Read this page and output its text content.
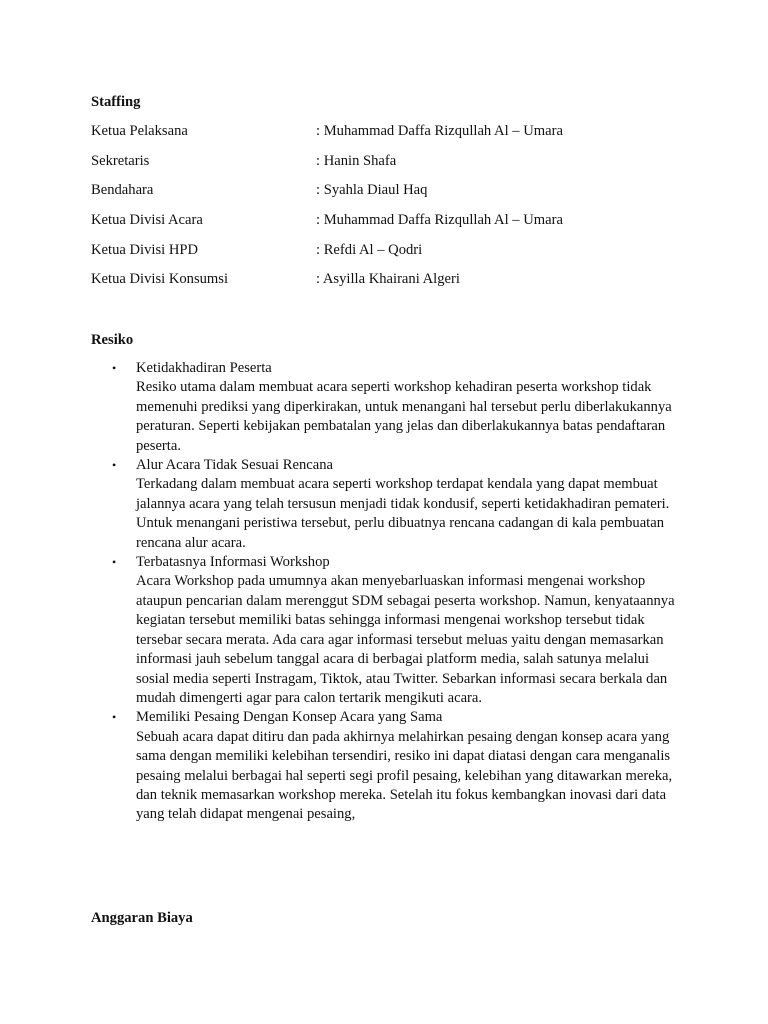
Staffing
Ketua Pelaksana	: Muhammad Daffa Rizqullah Al – Umara
Sekretaris	: Hanin Shafa
Bendahara	: Syahla Diaul Haq
Ketua Divisi Acara	: Muhammad Daffa Rizqullah Al – Umara
Ketua Divisi HPD	: Refdi Al – Qodri
Ketua Divisi Konsumsi	: Asyilla Khairani Algeri
Resiko
• Ketidakhadiran Peserta
Resiko utama dalam membuat acara seperti workshop kehadiran peserta workshop tidak memenuhi prediksi yang diperkirakan, untuk menangani hal tersebut perlu diberlakukannya peraturan. Seperti kebijakan pembatalan yang jelas dan diberlakukannya batas pendaftaran peserta.
• Alur Acara Tidak Sesuai Rencana
Terkadang dalam membuat acara seperti workshop terdapat kendala yang dapat membuat jalannya acara yang telah tersusun menjadi tidak kondusif, seperti ketidakhadiran pemateri. Untuk menangani peristiwa tersebut, perlu dibuatnya rencana cadangan di kala pembuatan rencana alur acara.
• Terbatasnya Informasi Workshop
Acara Workshop pada umumnya akan menyebarluaskan informasi mengenai workshop ataupun pencarian dalam merenggut SDM sebagai peserta workshop. Namun, kenyataannya kegiatan tersebut memiliki batas sehingga informasi mengenai workshop tersebut tidak tersebar secara merata. Ada cara agar informasi tersebut meluas yaitu dengan memasarkan informasi jauh sebelum tanggal acara di berbagai platform media, salah satunya melalui sosial media seperti Instragam, Tiktok, atau Twitter. Sebarkan informasi secara berkala dan mudah dimengerti agar para calon tertarik mengikuti acara.
• Memiliki Pesaing Dengan Konsep Acara yang Sama
Sebuah acara dapat ditiru dan pada akhirnya melahirkan pesaing dengan konsep acara yang sama dengan memiliki kelebihan tersendiri, resiko ini dapat diatasi dengan cara menganalis pesaing melalui berbagai hal seperti segi profil pesaing, kelebihan yang ditawarkan mereka, dan teknik memasarkan workshop mereka. Setelah itu fokus kembangkan inovasi dari data yang telah didapat mengenai pesaing,
Anggaran Biaya
